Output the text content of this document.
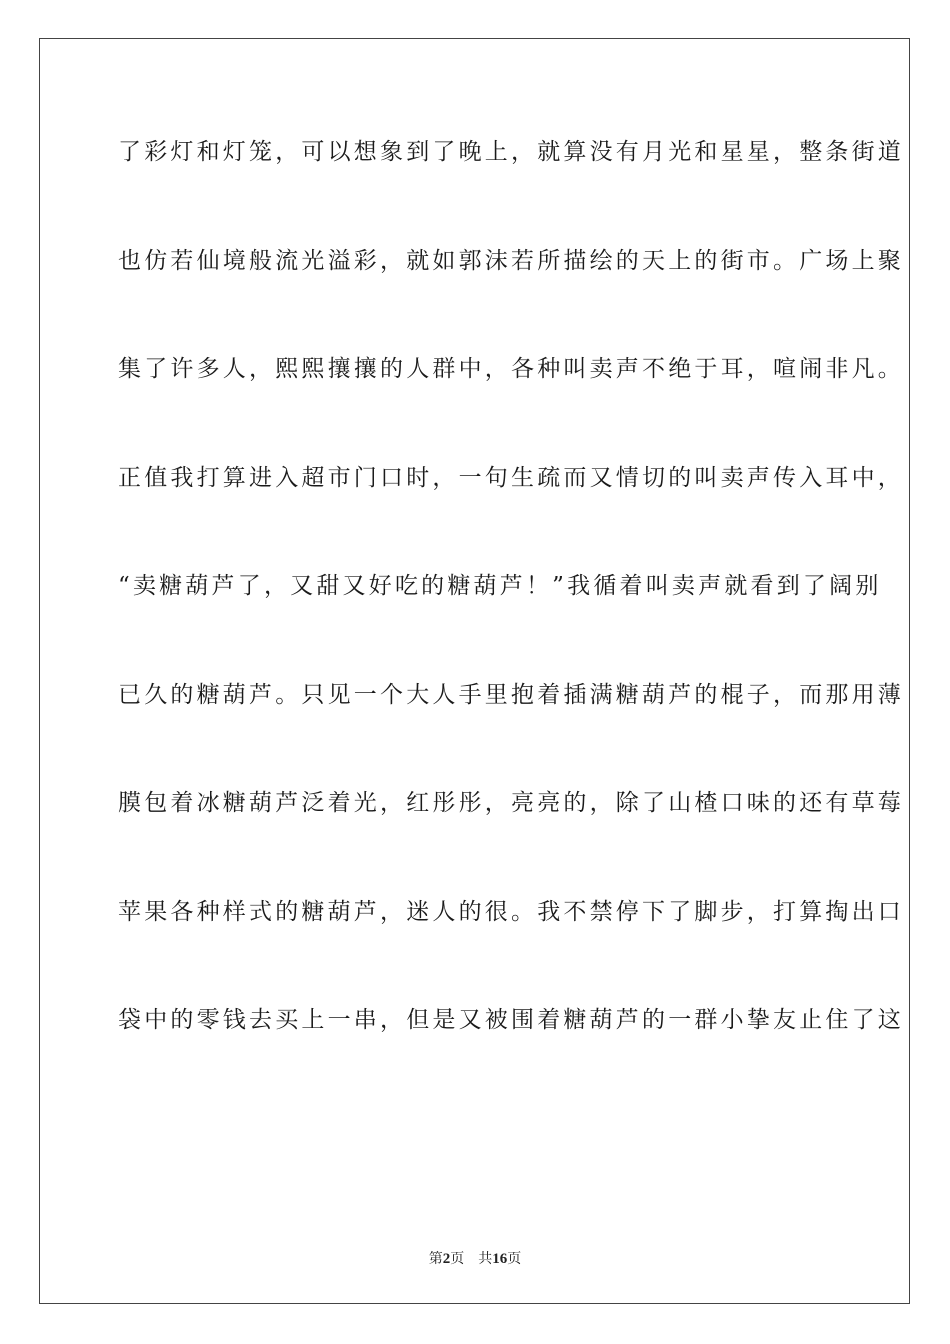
了彩灯和灯笼，可以想象到了晚上，就算没有月光和星星，整条街道
也仿若仙境般流光溢彩，就如郭沫若所描绘的天上的街市。广场上聚
集了许多人，熙熙攘攘的人群中，各种叫卖声不绝于耳，喧闹非凡。
正值我打算进入超市门口时，一句生疏而又情切的叫卖声传入耳中，
“卖糖葫芦了，又甜又好吃的糖葫芦！”我循着叫卖声就看到了阔别
已久的糖葫芦。只见一个大人手里抱着插满糖葫芦的棍子，而那用薄
膜包着冰糖葫芦泛着光，红彤彤，亮亮的，除了山楂口味的还有草莓
苹果各种样式的糖葫芦，迷人的很。我不禁停下了脚步，打算掏出口
袋中的零钱去买上一串，但是又被围着糖葫芦的一群小挚友止住了这
第2页 共16页
